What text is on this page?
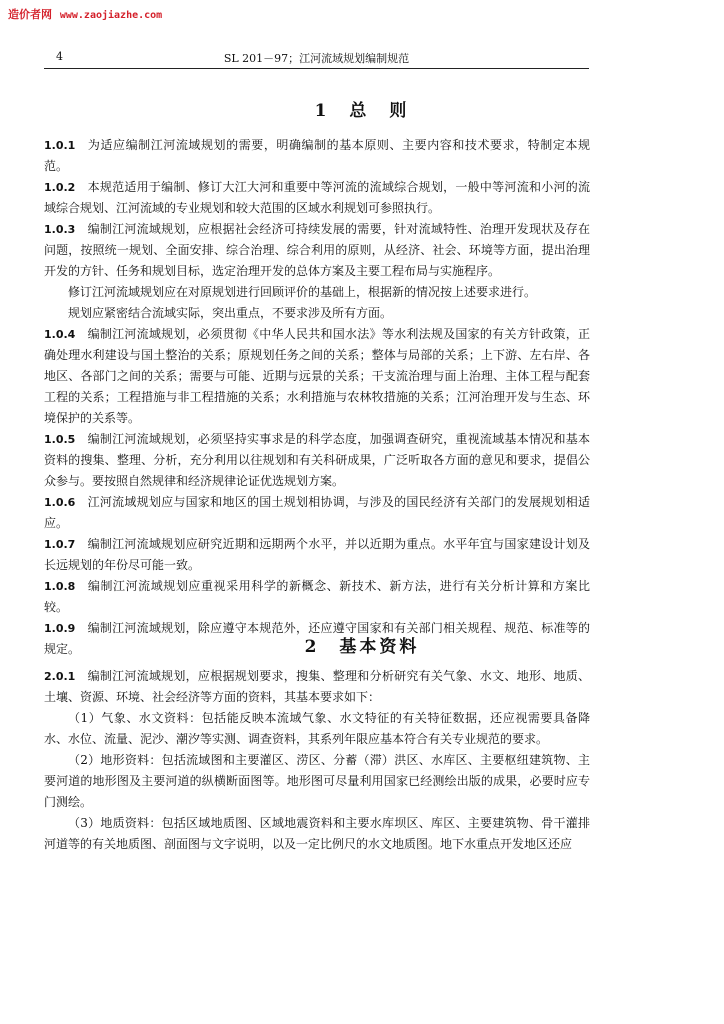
造价者网 www.zaojiazhe.com

4	SL 201－97；江河流域规划编制规范
1　总　则

1.0.1 为适应编制江河流域规划的需要，明确编制的基本原则、主要内容和技术要求，特制定本规范。

1.0.2 本规范适用于编制、修订大江大河和重要中等河流的流域综合规划，一般中等河流和小河的流域综合规划、江河流域的专业规划和较大范围的区域水利规划可参照执行。

1.0.3 编制江河流域规划，应根据社会经济可持续发展的需要，针对流域特性、治理开发现状及存在问题，按照统一规划、全面安排、综合治理、综合利用的原则，从经济、社会、环境等方面，提出治理开发的方针、任务和规划目标，选定治理开发的总体方案及主要工程布局与实施程序。

修订江河流域规划应在对原规划进行回顾评价的基础上，根据新的情况按上述要求进行。

规划应紧密结合流域实际，突出重点，不要求涉及所有方面。

1.0.4 编制江河流域规划，必须贯彻《中华人民共和国水法》等水利法规及国家的有关方针政策，正确处理水利建设与国土整治的关系；原规划任务之间的关系；整体与局部的关系；上下游、左右岸、各地区、各部门之间的关系；需要与可能、近期与远景的关系；干支流治理与面上治理、主体工程与配套工程的关系；工程措施与非工程措施的关系；水利措施与农林牧措施的关系；江河治理开发与生态、环境保护的关系等。

1.0.5 编制江河流域规划，必须坚持实事求是的科学态度，加强调查研究，重视流域基本情况和基本资料的搜集、整理、分析，充分利用以往规划和有关科研成果，广泛听取各方面的意见和要求，提倡公众参与。要按照自然规律和经济规律论证优选规划方案。

1.0.6 江河流域规划应与国家和地区的国土规划相协调，与涉及的国民经济有关部门的发展规划相适应。

1.0.7 编制江河流域规划应研究近期和远期两个水平，并以近期为重点。水平年宜与国家建设计划及长远规划的年份尽可能一致。

1.0.8 编制江河流域规划应重视采用科学的新概念、新技术、新方法，进行有关分析计算和方案比较。

1.0.9 编制江河流域规划，除应遵守本规范外，还应遵守国家和有关部门相关规程、规范、标准等的规定。	2　基本资料

2.0.1 编制江河流域规划，应根据规划要求，搜集、整理和分析研究有关气象、水文、地形、地质、土壤、资源、环境、社会经济等方面的资料，其基本要求如下：

（1）气象、水文资料：包括能反映本流域气象、水文特征的有关特征数据，还应视需要具备降水、水位、流量、泥沙、潮汐等实测、调查资料，其系列年限应基本符合有关专业规范的要求。

（2）地形资料：包括流域图和主要灌区、涝区、分蓄（滞）洪区、水库区、主要枢纽建筑物、主要河道的地形图及主要河道的纵横断面图等。地形图可尽量利用国家已经测绘出版的成果，必要时应专门测绘。

（3）地质资料：包括区域地质图、区域地震资料和主要水库坝区、库区、主要建筑物、骨干灌排河道等的有关地质图、剖面图与文字说明，以及一定比例尺的水文地质图。地下水重点开发地区还应
